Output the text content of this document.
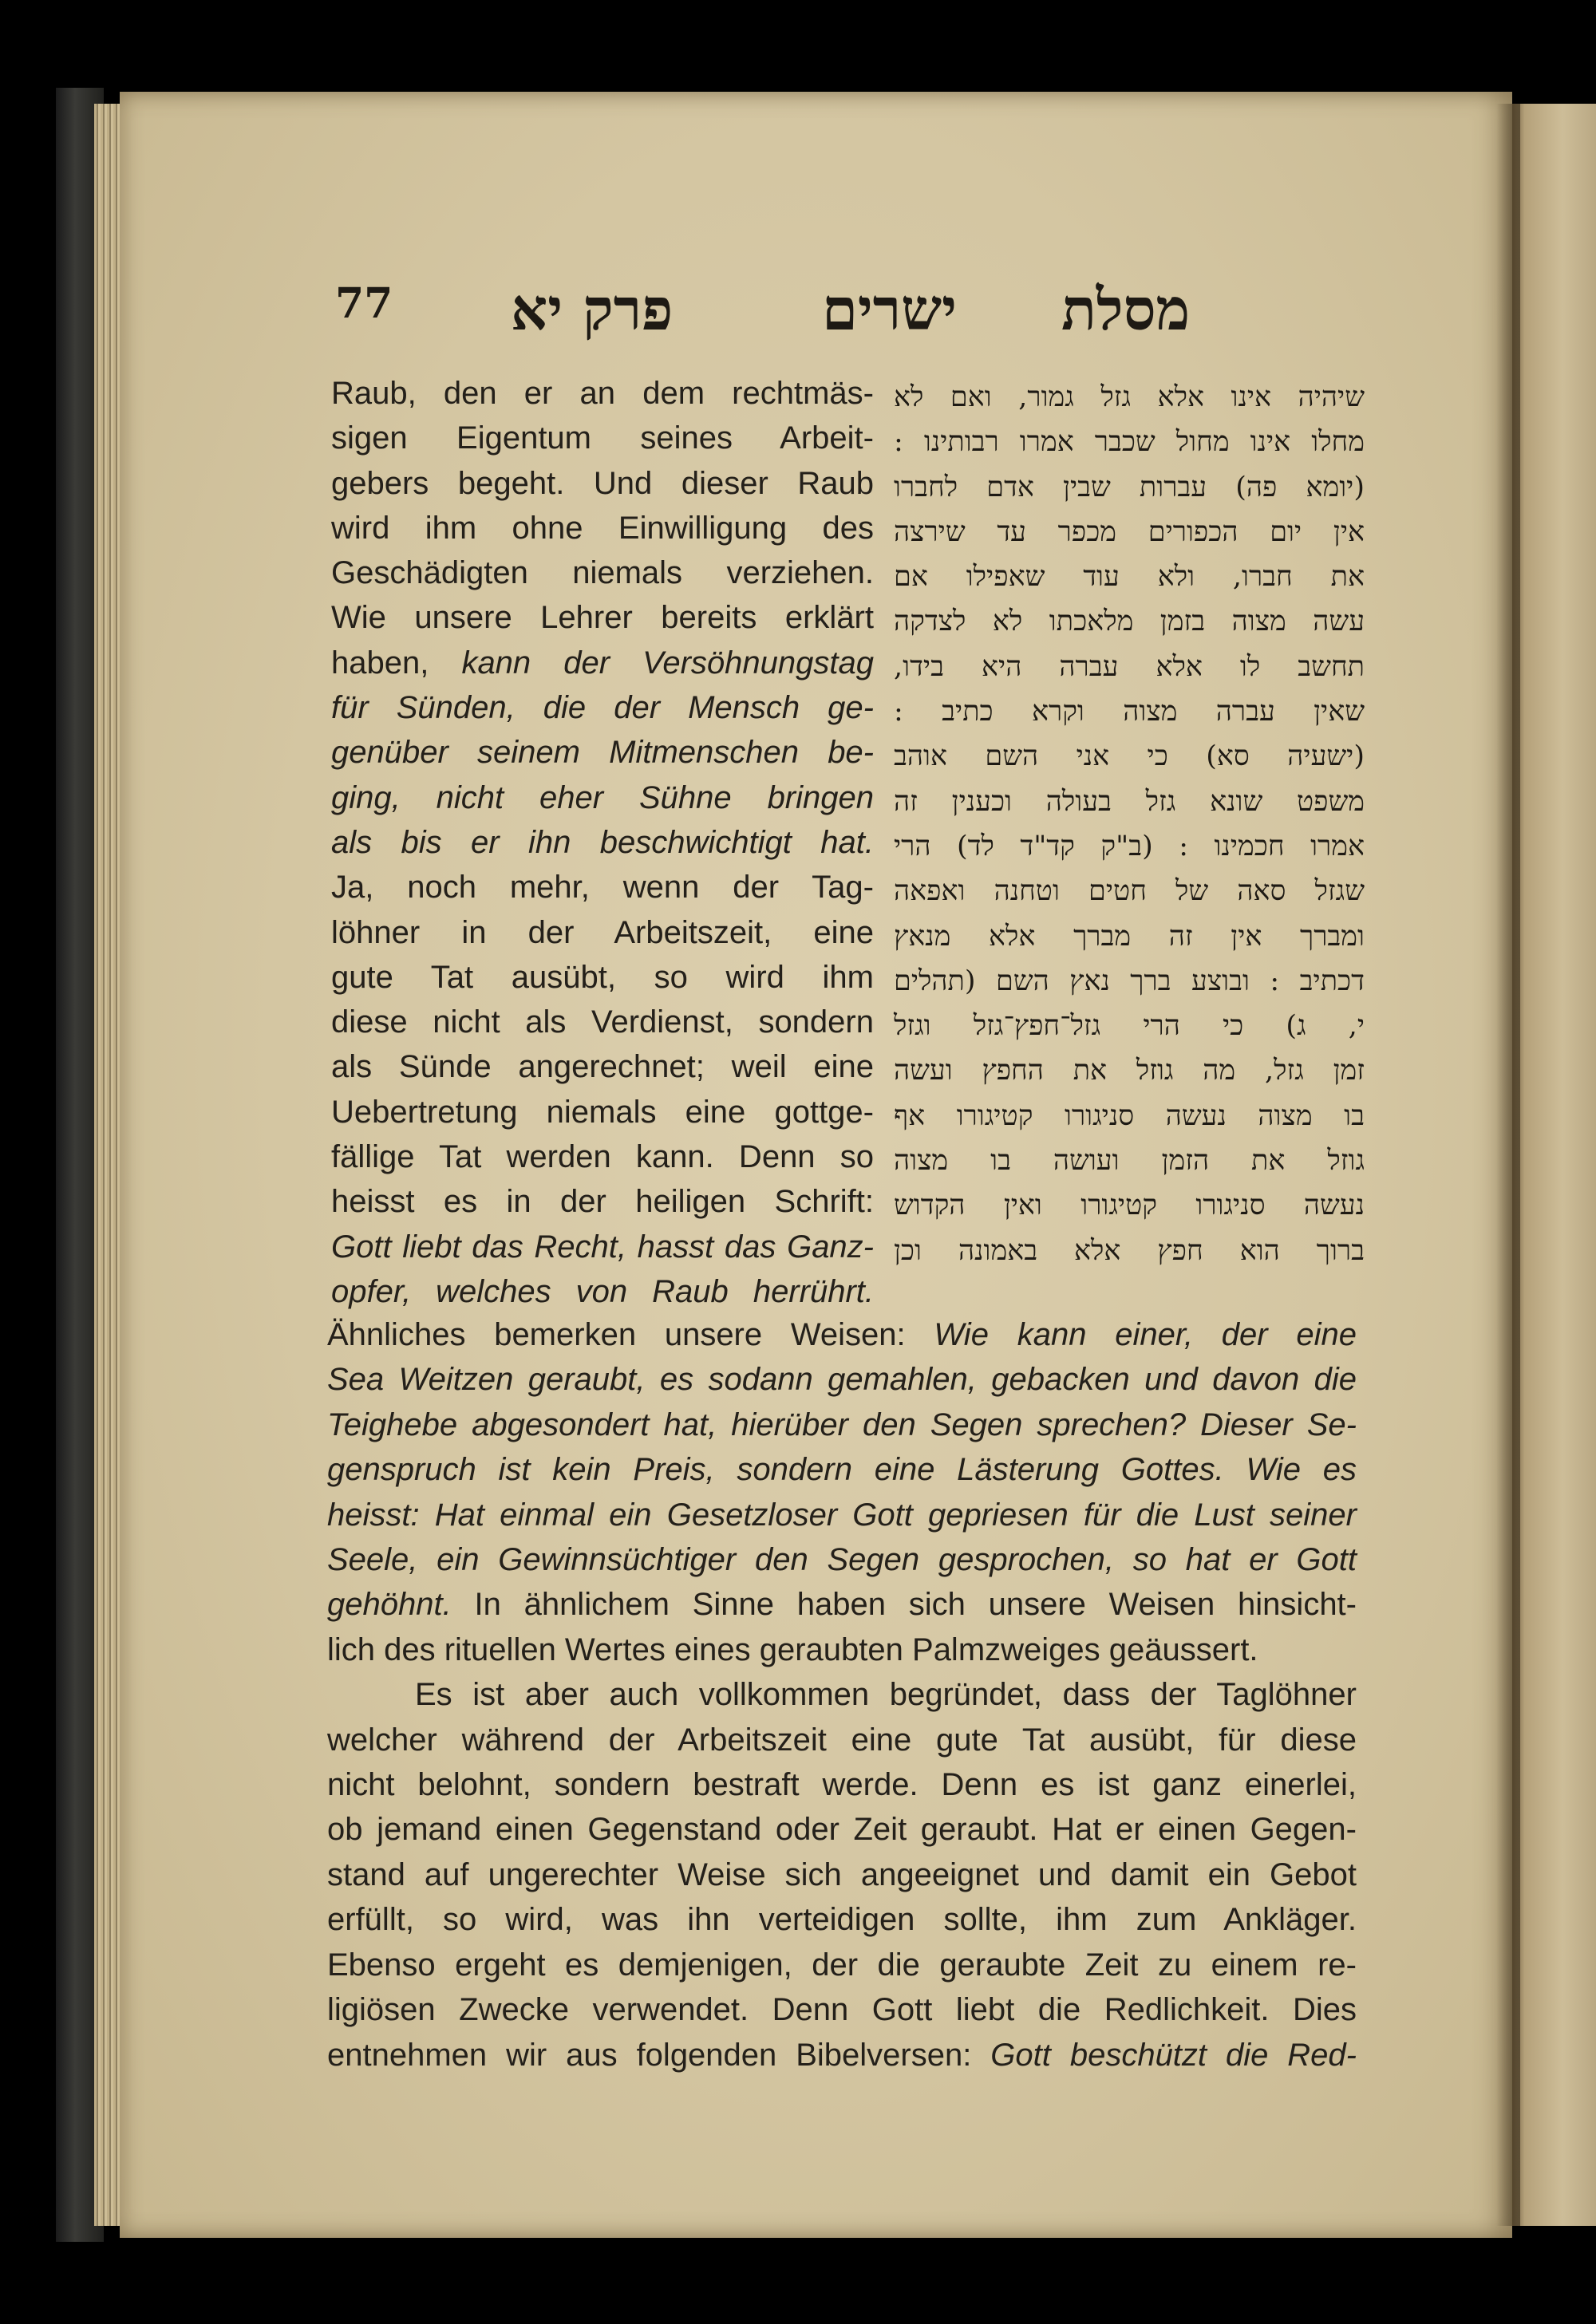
77	מסלת
ישרים
פרק יא
Raub, den er an dem rechtmäs-
sigen Eigentum seines Arbeit-
gebers begeht. Und dieser Raub
wird ihm ohne Einwilligung des
Geschädigten niemals verziehen.
Wie unsere Lehrer bereits erklärt
haben, kann der Versöhnungstag
für Sünden, die der Mensch ge-
genüber seinem Mitmenschen be-
ging, nicht eher Sühne bringen
als bis er ihn beschwichtigt hat.
Ja, noch mehr, wenn der Tag-
löhner in der Arbeitszeit, eine
gute Tat ausübt, so wird ihm
diese nicht als Verdienst, sondern
als Sünde angerechnet; weil eine
Uebertretung niemals eine gottge-
fällige Tat werden kann. Denn so
heisst es in der heiligen Schrift:
Gott liebt das Recht, hasst das Ganz-
opfer, welches von Raub herrührt.
שיהיה אינו אלא גזל גמור, ואם לא
מחלו אינו מחול שכבר אמרו רבותינו :
(יומא פה) עברות שבין אדם לחברו
אין יום הכפורים מכפר עד שירצה
את חברו, ולא עוד שאפילו אם
עשה מצוה בזמן מלאכתו לא לצדקה
תחשב לו אלא עברה היא בידו,
שאין עברה מצוה וקרא כתיב :
(ישעיה סא) כי אני השם אוהב
משפט שונא גזל בעולה וכענין זה
אמרו חכמינו : (ב"ק קד"ד לד) הרי
שגזל סאה של חטים וטחנה ואפאה
ומברך אין זה מברך אלא מנאץ
דכתיב : ובוצע ברך נאץ השם (תהלים
י, ג) כי הרי גזל־חפץ־גזל וגזל
זמן גזל, מה גוזל את החפץ ועשה
בו מצוה נעשה סניגורו קטיגורו אף
גוזל את הזמן ועושה בו מצוה
נעשה סניגורו קטיגורו ואין הקדוש
ברוך הוא חפץ אלא באמונה וכן
Ähnliches bemerken unsere Weisen: Wie kann einer, der eine
Sea Weitzen geraubt, es sodann gemahlen, gebacken und davon die
Teighebe abgesondert hat, hierüber den Segen sprechen? Dieser Se-
genspruch ist kein Preis, sondern eine Lästerung Gottes. Wie es
heisst: Hat einmal ein Gesetzloser Gott gepriesen für die Lust seiner
Seele, ein Gewinnsüchtiger den Segen gesprochen, so hat er Gott
gehöhnt. In ähnlichem Sinne haben sich unsere Weisen hinsicht-
lich des rituellen Wertes eines geraubten Palmzweiges geäussert.
Es ist aber auch vollkommen begründet, dass der Taglöhner
welcher während der Arbeitszeit eine gute Tat ausübt, für diese
nicht belohnt, sondern bestraft werde. Denn es ist ganz einerlei,
ob jemand einen Gegenstand oder Zeit geraubt. Hat er einen Gegen-
stand auf ungerechter Weise sich angeeignet und damit ein Gebot
erfüllt, so wird, was ihn verteidigen sollte, ihm zum Ankläger.
Ebenso ergeht es demjenigen, der die geraubte Zeit zu einem re-
ligiösen Zwecke verwendet. Denn Gott liebt die Redlichkeit. Dies
entnehmen wir aus folgenden Bibelversen: Gott beschützt die Red-
